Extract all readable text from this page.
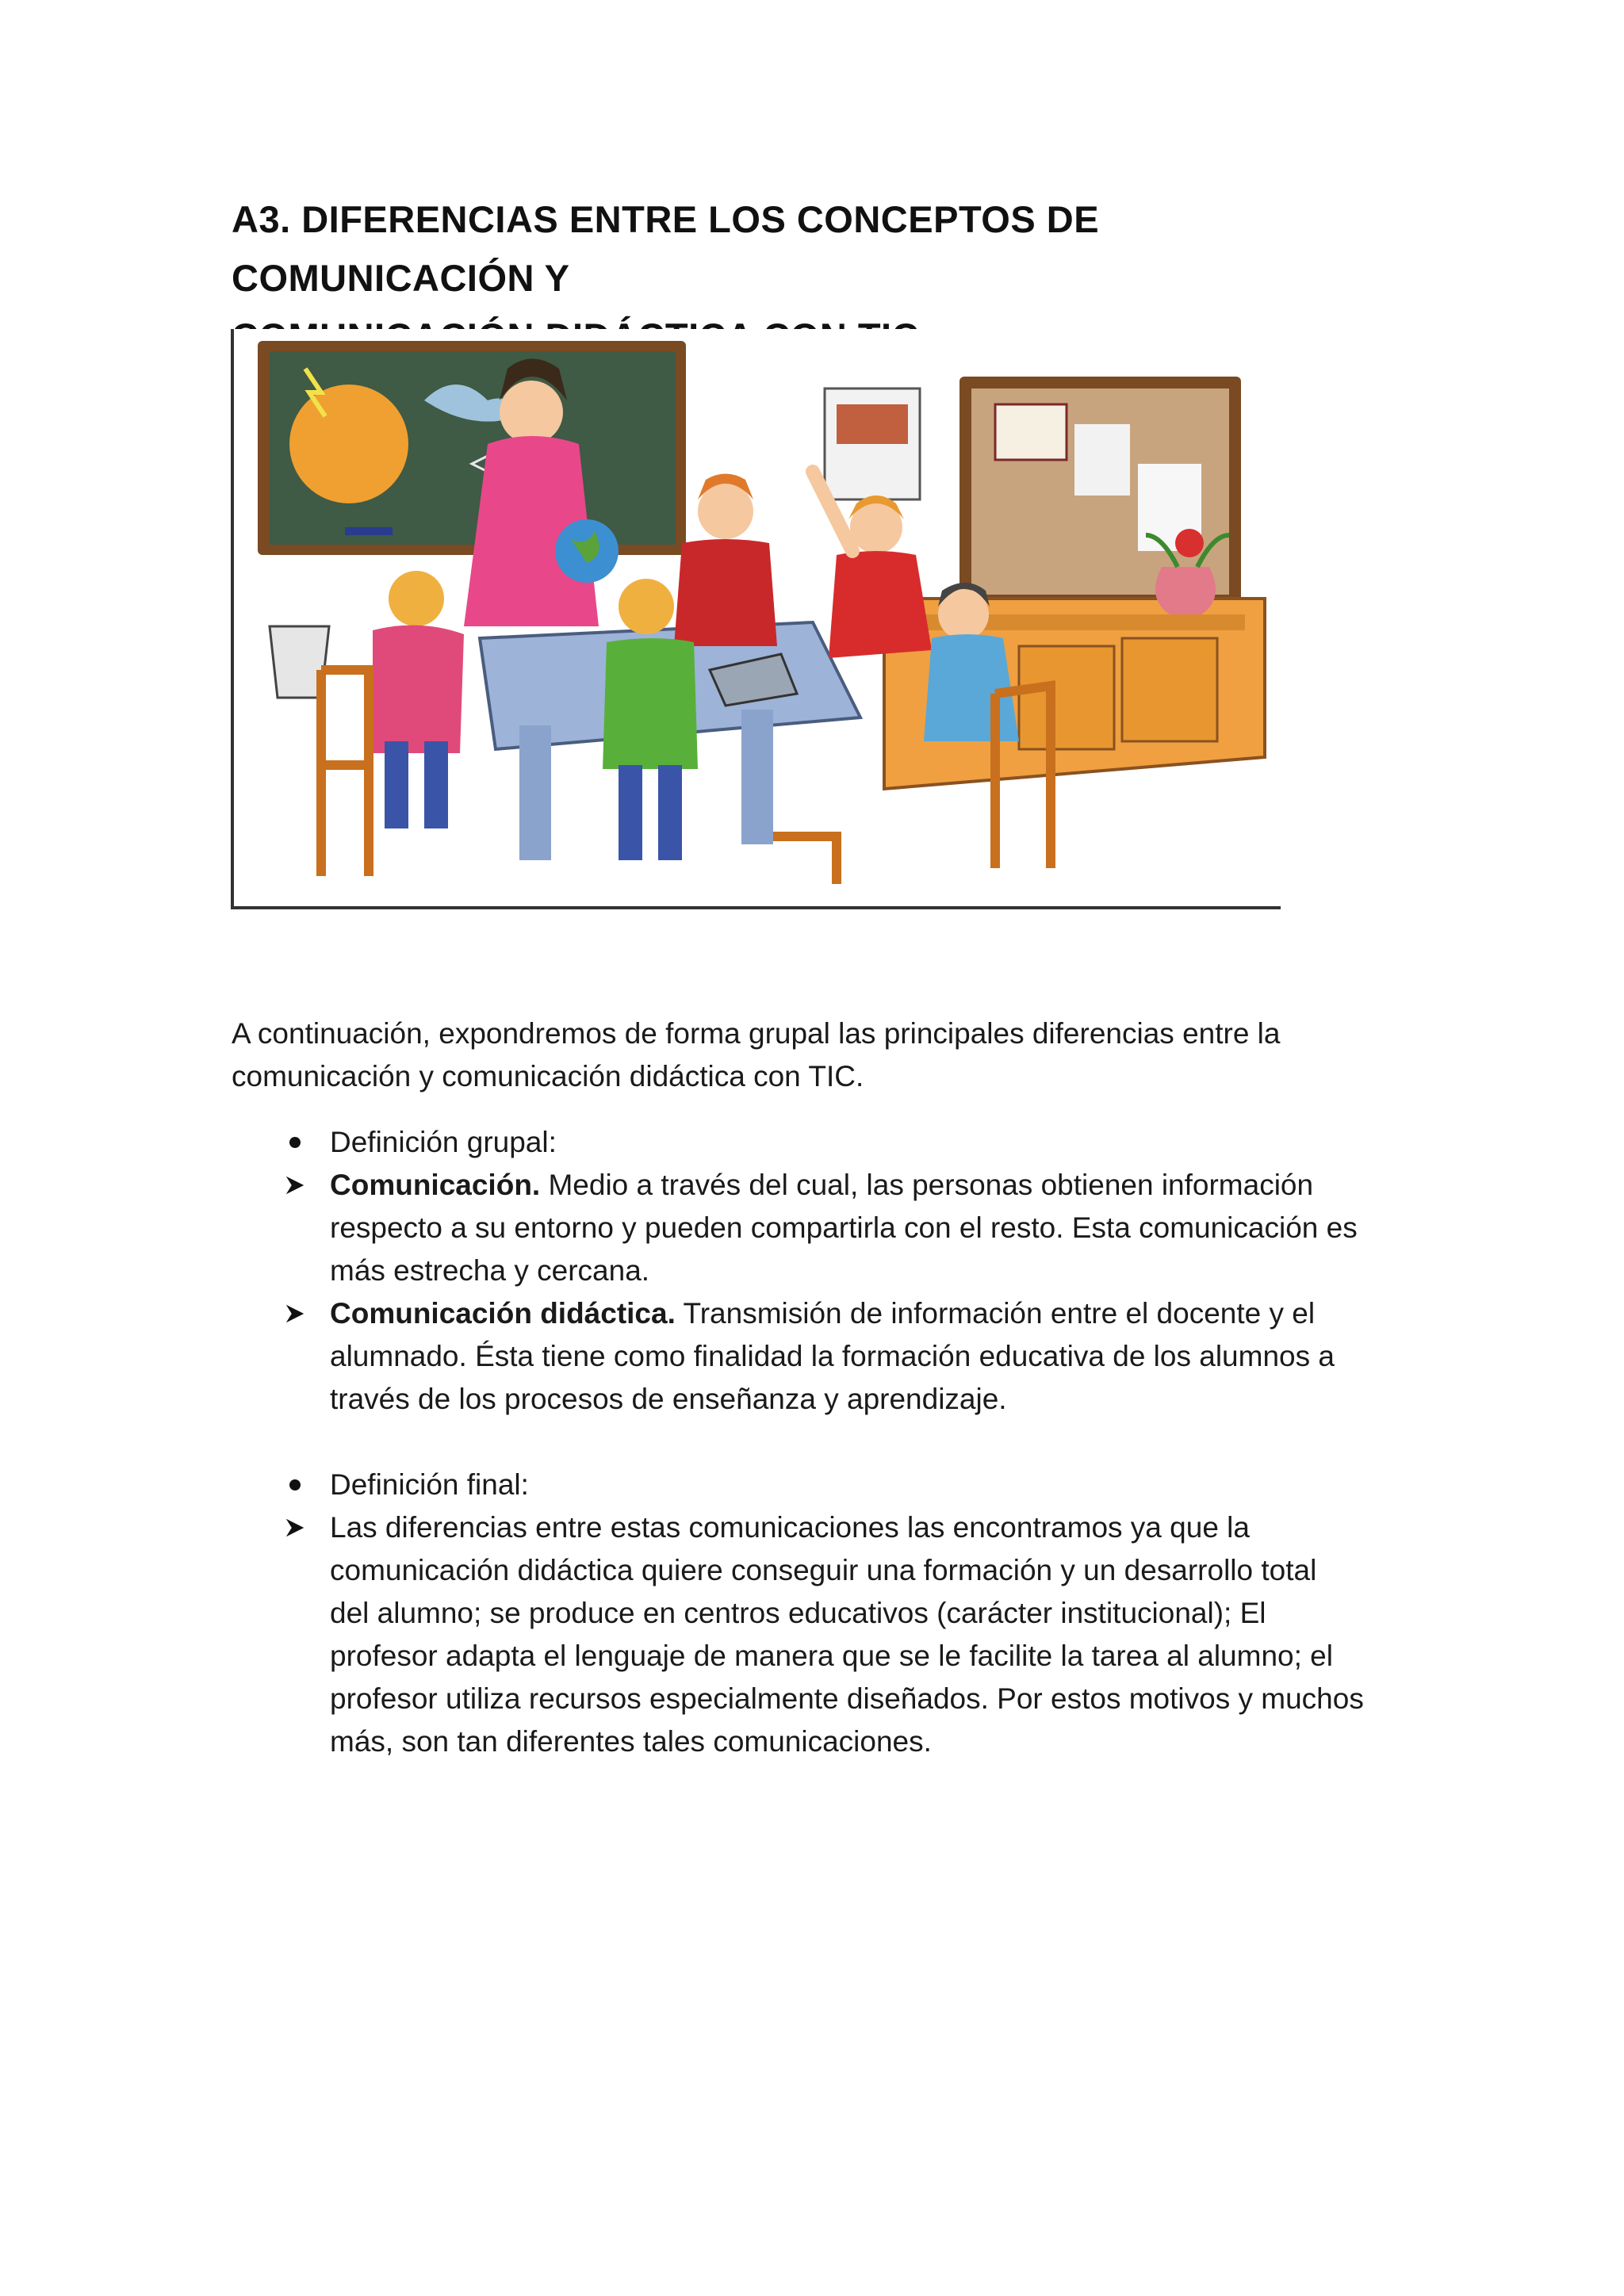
A3. DIFERENCIAS ENTRE LOS CONCEPTOS DE COMUNICACIÓN Y

A continuación, expondremos de forma grupal las principales diferencias entre la
comunicación y comunicación didáctica con TIC.

Definición grupal:
Comunicación. Medio a través del cual, las personas obtienen información
respecto a su entorno y pueden compartirla con el resto. Esta comunicación es
más estrecha y cercana.
Comunicación didáctica. Transmisión de información entre el docente y el
alumnado. Ésta tiene como finalidad la formación educativa de los alumnos a
través de los procesos de enseñanza y aprendizaje.
Definición final:
Las diferencias entre estas comunicaciones las encontramos ya que la
comunicación didáctica quiere conseguir una formación y un desarrollo total
del alumno; se produce en centros educativos (carácter institucional); El
profesor adapta el lenguaje de manera que se le facilite la tarea al alumno; el
profesor utiliza recursos especialmente diseñados. Por estos motivos y muchos
más, son tan diferentes tales comunicaciones.
